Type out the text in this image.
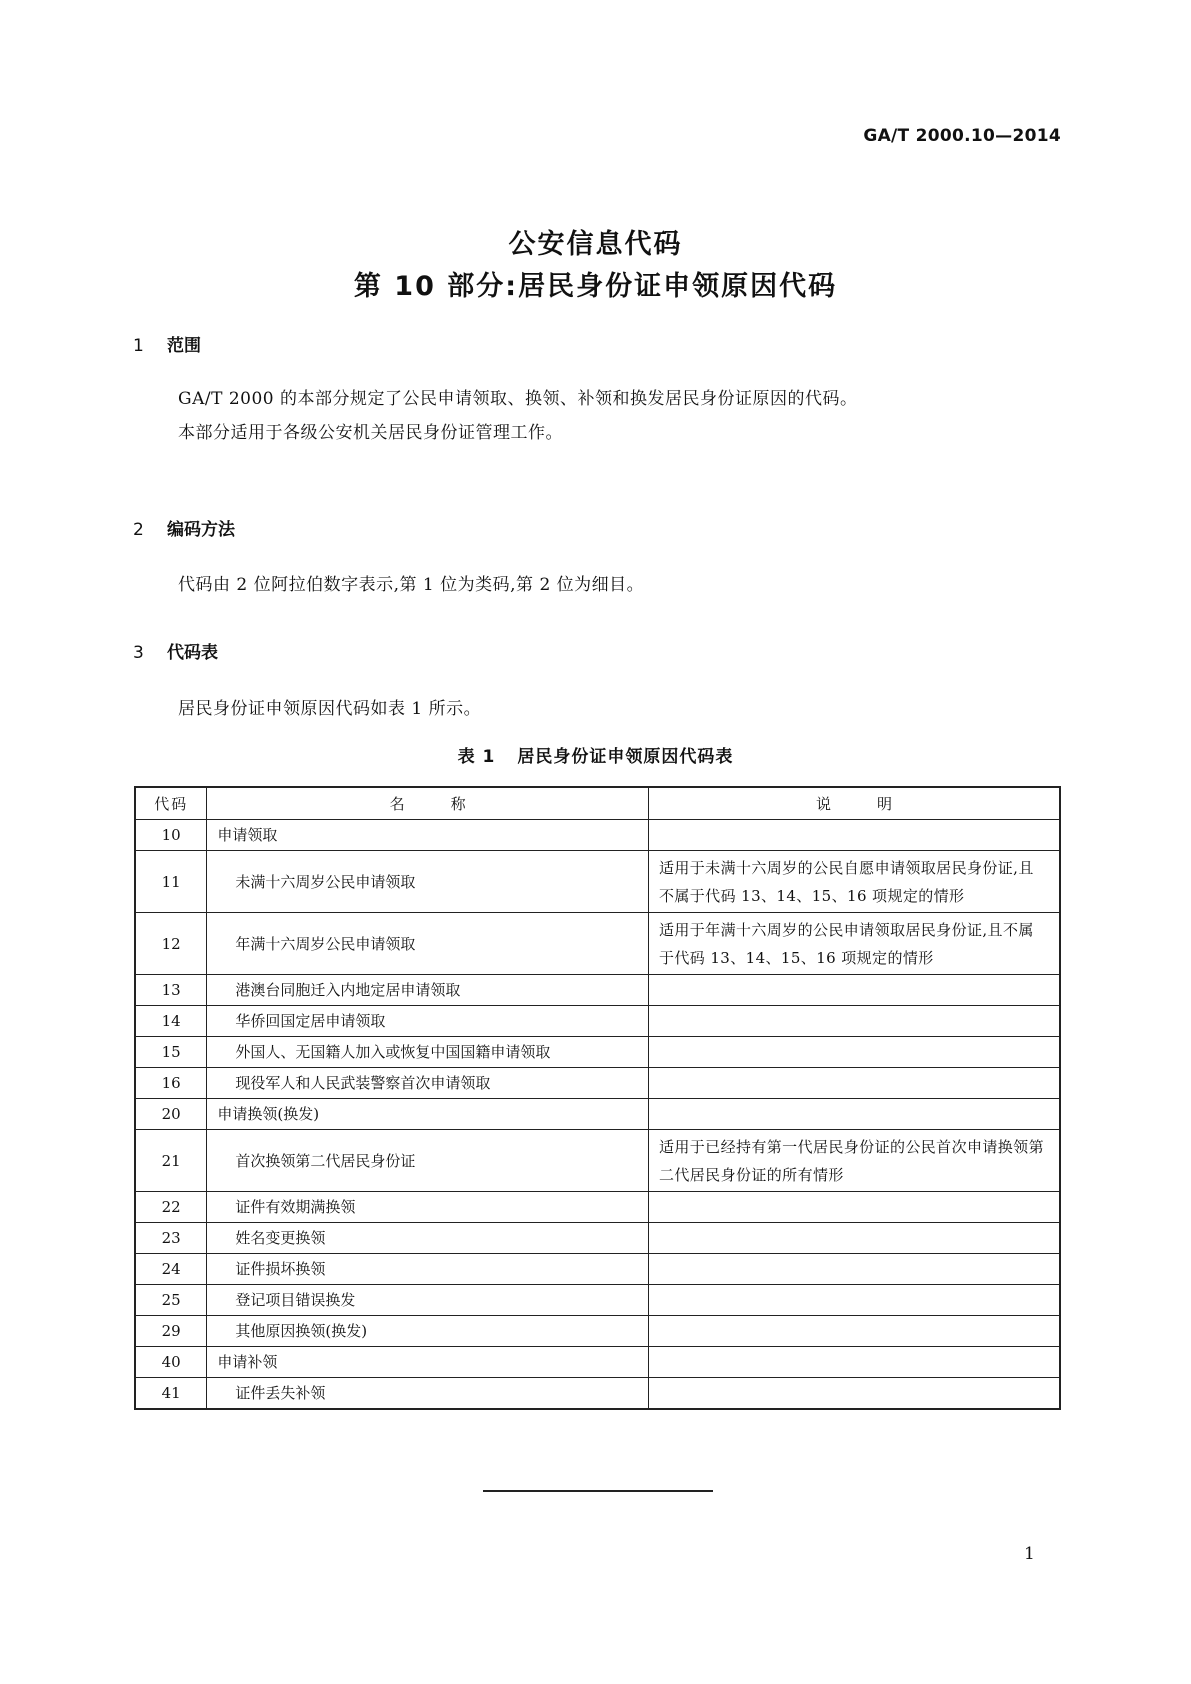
GA/T 2000.10—2014
公安信息代码
第 10 部分:居民身份证申领原因代码
1 范围
GA/T 2000 的本部分规定了公民申请领取、换领、补领和换发居民身份证原因的代码。
本部分适用于各级公安机关居民身份证管理工作。
2 编码方法
代码由 2 位阿拉伯数字表示,第 1 位为类码,第 2 位为细目。
3 代码表
居民身份证申领原因代码如表 1 所示。
表 1 居民身份证申领原因代码表
代码	名 称	说 明
10	申请领取	
11	未满十六周岁公民申请领取	适用于未满十六周岁的公民自愿申请领取居民身份证,且不属于代码 13、14、15、16 项规定的情形
12	年满十六周岁公民申请领取	适用于年满十六周岁的公民申请领取居民身份证,且不属于代码 13、14、15、16 项规定的情形
13	港澳台同胞迁入内地定居申请领取	
14	华侨回国定居申请领取	
15	外国人、无国籍人加入或恢复中国国籍申请领取	
16	现役军人和人民武装警察首次申请领取	
20	申请换领(换发)	
21	首次换领第二代居民身份证	适用于已经持有第一代居民身份证的公民首次申请换领第二代居民身份证的所有情形
22	证件有效期满换领	
23	姓名变更换领	
24	证件损坏换领	
25	登记项目错误换发	
29	其他原因换领(换发)	
40	申请补领	
41	证件丢失补领	
1
